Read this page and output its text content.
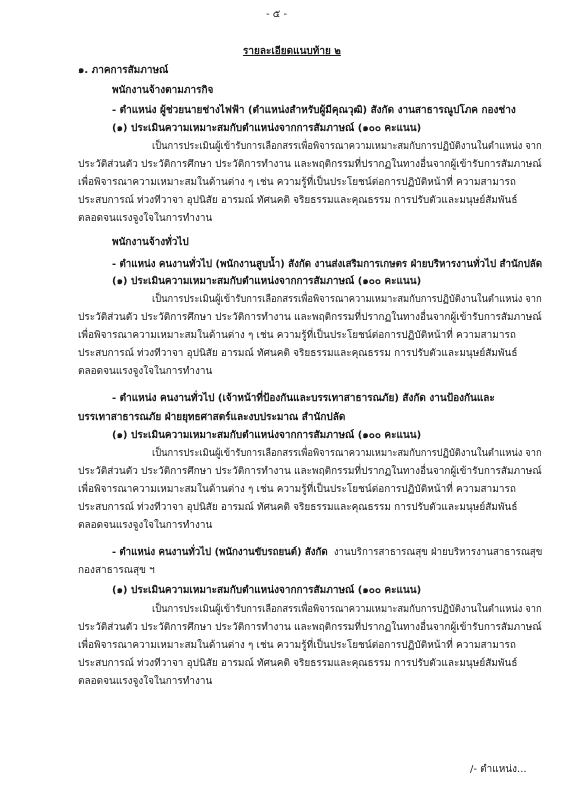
- ๕ -
รายละเอียดแนบท้าย ๒
๑. ภาคการสัมภาษณ์
พนักงานจ้างตามภารกิจ
- ตำแหน่ง ผู้ช่วยนายช่างไฟฟ้า (ตำแหน่งสำหรับผู้มีคุณวุฒิ) สังกัด งานสาธารณูปโภค กองช่าง
(๑) ประเมินความเหมาะสมกับตำแหน่งจากการสัมภาษณ์ (๑๐๐ คะแนน)
เป็นการประเมินผู้เข้ารับการเลือกสรรเพื่อพิจารณาความเหมาะสมกับการปฏิบัติงานในตำแหน่ง จาก
ประวัติส่วนตัว ประวัติการศึกษา ประวัติการทำงาน และพฤติกรรมที่ปรากฏในทางอื่นจากผู้เข้ารับการสัมภาษณ์
เพื่อพิจารณาความเหมาะสมในด้านต่าง ๆ เช่น ความรู้ที่เป็นประโยชน์ต่อการปฏิบัติหน้าที่ ความสามารถ
ประสบการณ์ ท่วงทีวาจา อุปนิสัย อารมณ์ ทัศนคติ จริยธรรมและคุณธรรม การปรับตัวและมนุษย์สัมพันธ์
ตลอดจนแรงจูงใจในการทำงาน
พนักงานจ้างทั่วไป
- ตำแหน่ง คนงานทั่วไป (พนักงานสูบน้ำ) สังกัด งานส่งเสริมการเกษตร ฝ่ายบริหารงานทั่วไป สำนักปลัด
(๑) ประเมินความเหมาะสมกับตำแหน่งจากการสัมภาษณ์ (๑๐๐ คะแนน)
เป็นการประเมินผู้เข้ารับการเลือกสรรเพื่อพิจารณาความเหมาะสมกับการปฏิบัติงานในตำแหน่ง จาก
ประวัติส่วนตัว ประวัติการศึกษา ประวัติการทำงาน และพฤติกรรมที่ปรากฏในทางอื่นจากผู้เข้ารับการสัมภาษณ์
เพื่อพิจารณาความเหมาะสมในด้านต่าง ๆ เช่น ความรู้ที่เป็นประโยชน์ต่อการปฏิบัติหน้าที่ ความสามารถ
ประสบการณ์ ท่วงทีวาจา อุปนิสัย อารมณ์ ทัศนคติ จริยธรรมและคุณธรรม การปรับตัวและมนุษย์สัมพันธ์
ตลอดจนแรงจูงใจในการทำงาน
- ตำแหน่ง คนงานทั่วไป (เจ้าหน้าที่ป้องกันและบรรเทาสาธารณภัย) สังกัด งานป้องกันและ
บรรเทาสาธารณภัย ฝ่ายยุทธศาสตร์และงบประมาณ สำนักปลัด
(๑) ประเมินความเหมาะสมกับตำแหน่งจากการสัมภาษณ์ (๑๐๐ คะแนน)
เป็นการประเมินผู้เข้ารับการเลือกสรรเพื่อพิจารณาความเหมาะสมกับการปฏิบัติงานในตำแหน่ง จาก
ประวัติส่วนตัว ประวัติการศึกษา ประวัติการทำงาน และพฤติกรรมที่ปรากฏในทางอื่นจากผู้เข้ารับการสัมภาษณ์
เพื่อพิจารณาความเหมาะสมในด้านต่าง ๆ เช่น ความรู้ที่เป็นประโยชน์ต่อการปฏิบัติหน้าที่ ความสามารถ
ประสบการณ์ ท่วงทีวาจา อุปนิสัย อารมณ์ ทัศนคติ จริยธรรมและคุณธรรม การปรับตัวและมนุษย์สัมพันธ์
ตลอดจนแรงจูงใจในการทำงาน
- ตำแหน่ง คนงานทั่วไป (พนักงานขับรถยนต์) สังกัด งานบริการสาธารณสุข ฝ่ายบริหารงานสาธารณสุข
กองสาธารณสุข ฯ
(๑) ประเมินความเหมาะสมกับตำแหน่งจากการสัมภาษณ์ (๑๐๐ คะแนน)
เป็นการประเมินผู้เข้ารับการเลือกสรรเพื่อพิจารณาความเหมาะสมกับการปฏิบัติงานในตำแหน่ง จาก
ประวัติส่วนตัว ประวัติการศึกษา ประวัติการทำงาน และพฤติกรรมที่ปรากฏในทางอื่นจากผู้เข้ารับการสัมภาษณ์
เพื่อพิจารณาความเหมาะสมในด้านต่าง ๆ เช่น ความรู้ที่เป็นประโยชน์ต่อการปฏิบัติหน้าที่ ความสามารถ
ประสบการณ์ ท่วงทีวาจา อุปนิสัย อารมณ์ ทัศนคติ จริยธรรมและคุณธรรม การปรับตัวและมนุษย์สัมพันธ์
ตลอดจนแรงจูงใจในการทำงาน
/- ตำแหน่ง...
